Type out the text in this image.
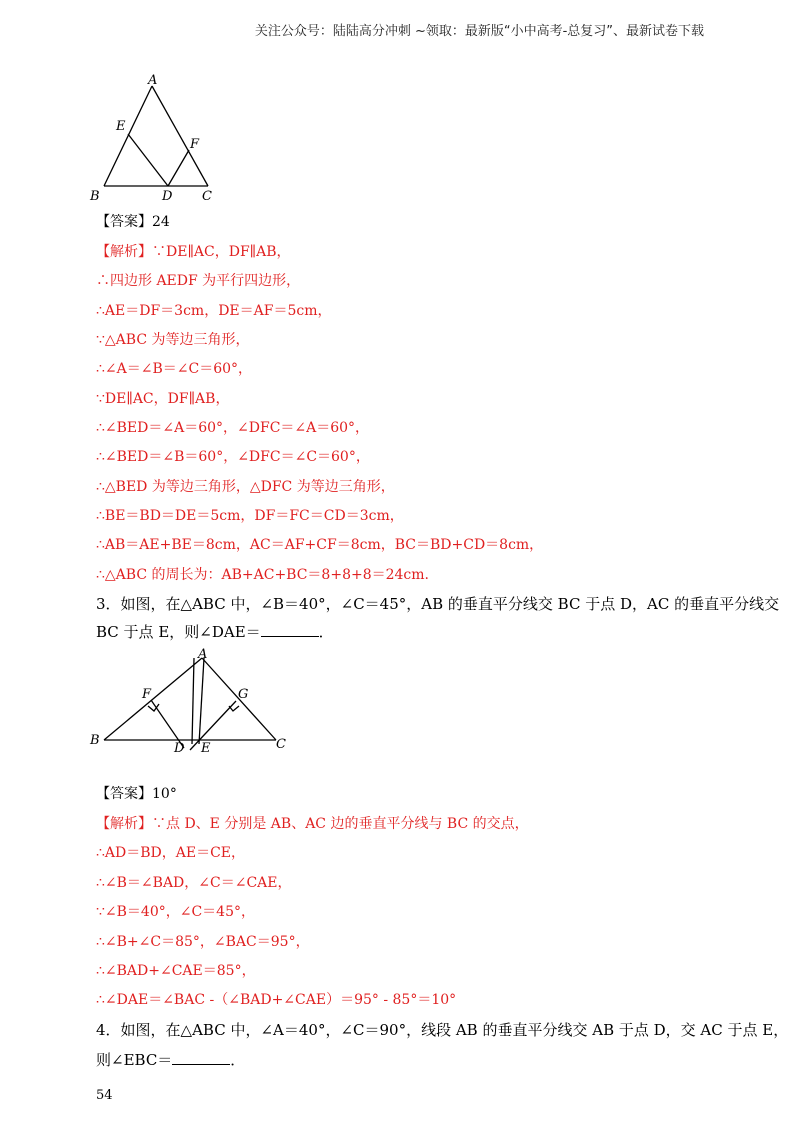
关注公众号：陆陆高分冲刺 ~领取：最新版“小中高考-总复习”、最新试卷下载
A
E
F
B	D C
【答案】24
【解析】∵DE∥AC，DF∥AB，
∴四边形 AEDF 为平行四边形，
∴AE＝DF＝3cm，DE＝AF＝5cm，
∵△ABC 为等边三角形，
∴∠A＝∠B＝∠C＝60°，
∵DE∥AC，DF∥AB，
∴∠BED＝∠A＝60°，∠DFC＝∠A＝60°，
∴∠BED＝∠B＝60°，∠DFC＝∠C＝60°，
∴△BED 为等边三角形，△DFC 为等边三角形，
∴BE＝BD＝DE＝5cm，DF＝FC＝CD＝3cm，
∴AB＝AE+BE＝8cm，AC＝AF+CF＝8cm，BC＝BD+CD＝8cm，
∴△ABC 的周长为：AB+AC+BC＝8+8+8＝24cm.
3．如图，在△ABC 中，∠B＝40°，∠C＝45°，AB 的垂直平分线交 BC 于点 D，AC 的垂直平分线交
BC 于点 E，则∠DAE＝	．
A
F	G
B
D E	C
【答案】10°
【解析】∵点 D、E 分别是 AB、AC 边的垂直平分线与 BC 的交点，
∴AD＝BD，AE＝CE，
∴∠B＝∠BAD，∠C＝∠CAE，
∵∠B＝40°，∠C＝45°，
∴∠B+∠C＝85°，∠BAC＝95°，
∴∠BAD+∠CAE＝85°，
∴∠DAE＝∠BAC -（∠BAD+∠CAE）＝95° - 85°＝10°
4．如图，在△ABC 中，∠A＝40°，∠C＝90°，线段 AB 的垂直平分线交 AB 于点 D，交 AC 于点 E，
则∠EBC＝	．
54
